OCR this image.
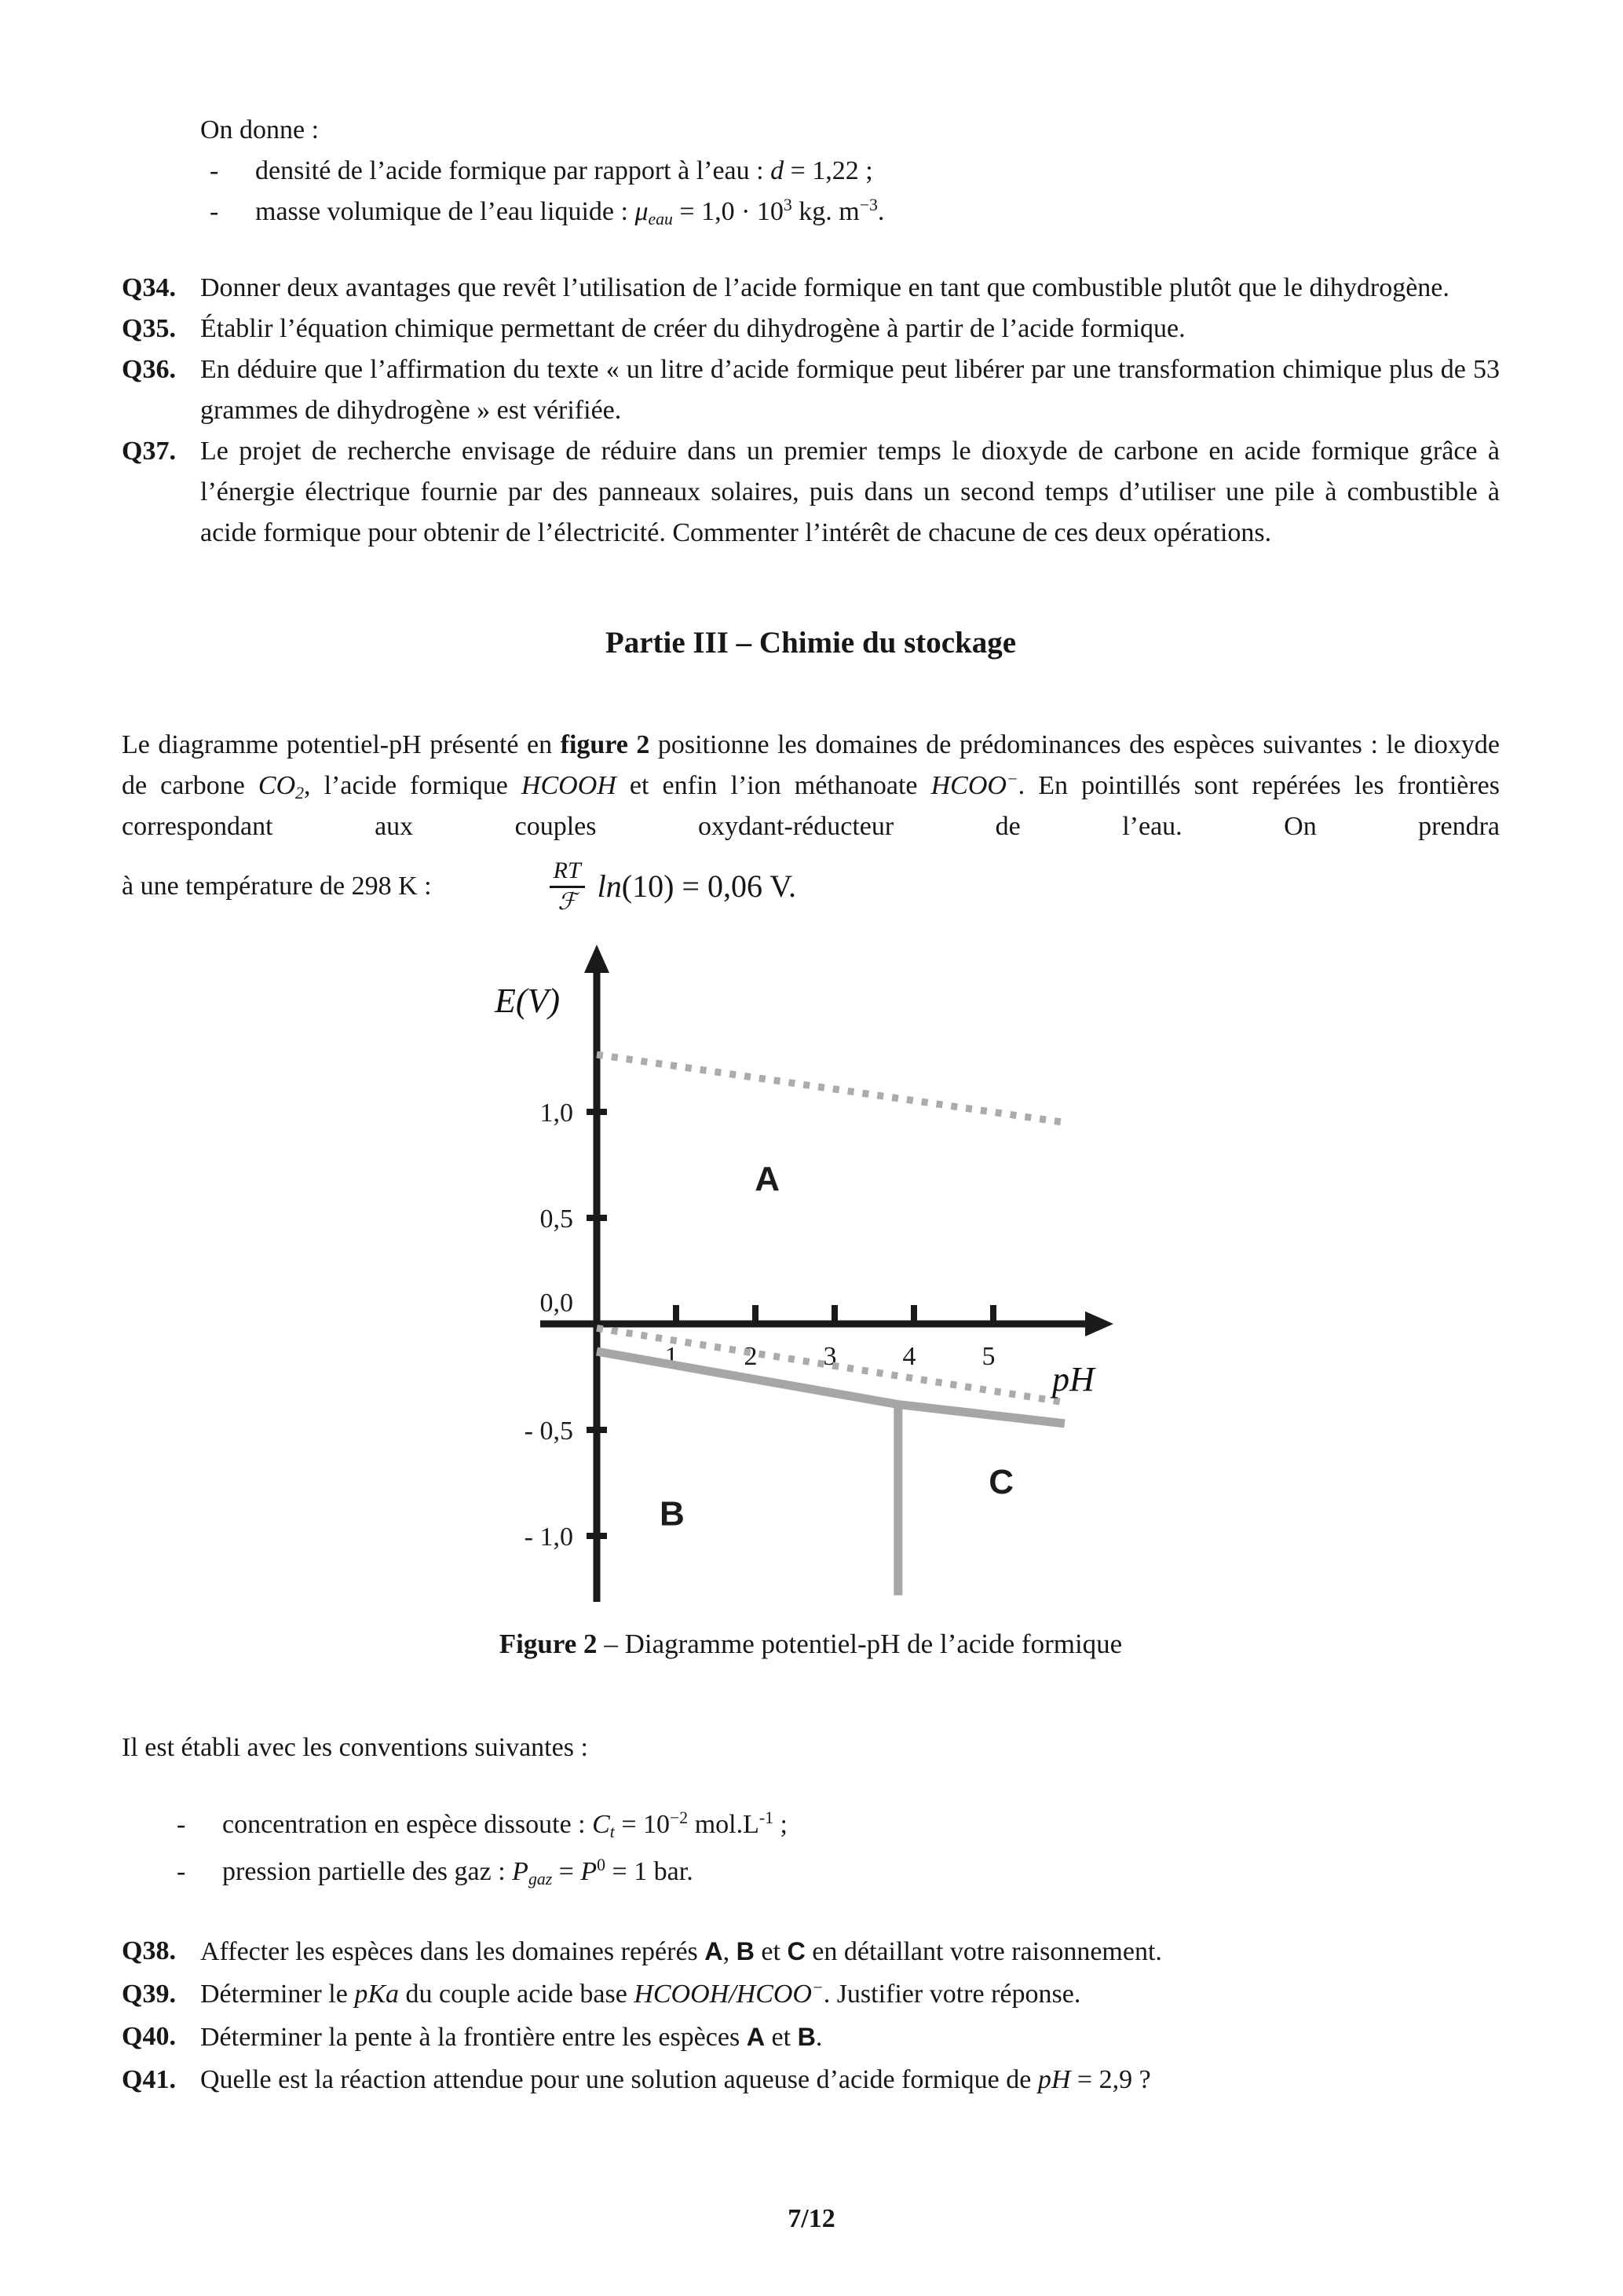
On donne :
-	densité de l’acide formique par rapport à l’eau : d = 1,22 ;
-	masse volumique de l’eau liquide : $\mu eau = 1,0 \cdot 10^3$ kg. $m^{-3}$.
Q34. Donner deux avantages que revêt l’utilisation de l’acide formique en tant que combustible plutôt que le dihydrogène.
Q35. Établir l’équation chimique permettant de créer du dihydrogène à partir de l’acide formique.
Q36. En déduire que l’affirmation du texte « un litre d’acide formique peut libérer par une transformation chimique plus de 53 grammes de dihydrogène » est vérifiée.
Q37. Le projet de recherche envisage de réduire dans un premier temps le dioxyde de carbone en acide formique grâce à l’énergie électrique fournie par des panneaux solaires, puis dans un second temps d’utiliser une pile à combustible à acide formique pour obtenir de l’électricité. Commenter l’intérêt de chacune de ces deux opérations.
Partie III – Chimie du stockage

Le diagramme potentiel-pH présenté en figure 2 positionne les domaines de prédominances des espèces suivantes : le dioxyde de carbone CO2, l’acide formique HCOOH et enfin l’ion méthanoate HCOO−. En pointillés sont repérées les frontières correspondant aux couples oxydant-réducteur de l’eau. On prendra

à une température de 298 K :	$\frac{RT}{\text{ℱ}} \ln(10) = 0,06$ V.
1,0
0,5
0,0
- 0,5
- 1,0
1 2 3 4 5
A
B
C
E(V)
pH
Figure 2 – Diagramme potentiel-pH de l’acide formique
Il est établi avec les conventions suivantes :
-	concentration en espèce dissoute : $Ct = 10^{-2}$ $mol.L^{-1}$ ;
-	pression partielle des gaz : Pgaz = $P^0 = 1$ bar.
Q38. Affecter les espèces dans les domaines repérés A, B et C en détaillant votre raisonnement.
Q39. Déterminer le pKa du couple acide base HCOOH/HCOO−. Justifier votre réponse.
Q40. Déterminer la pente à la frontière entre les espèces A et B.
Q41. Quelle est la réaction attendue pour une solution aqueuse d’acide formique de pH = 2,9 ?
7/12
